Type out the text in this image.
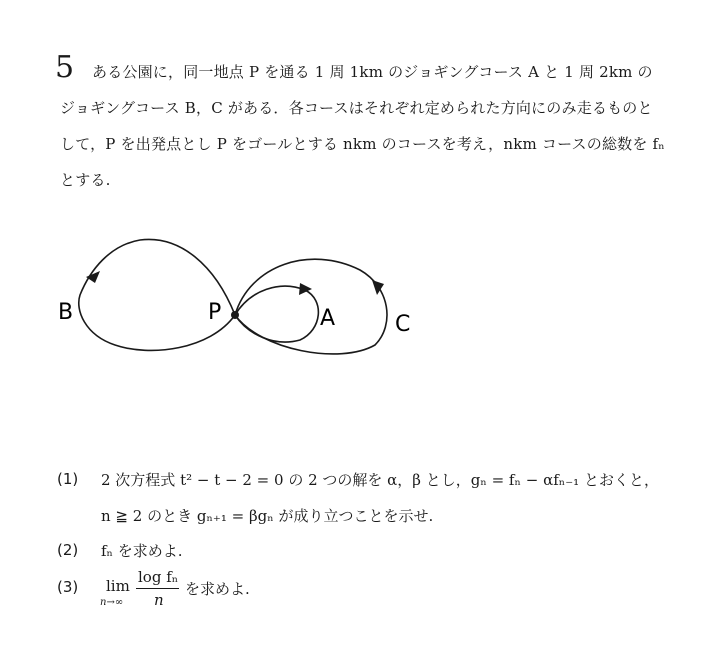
5 ある公園に，同一地点 P を通る 1 周 1km のジョギングコース A と 1 周 2km の
ジョギングコース B，C がある．各コースはそれぞれ定められた方向にのみ走るものと
して，P を出発点とし P をゴールとする nkm のコースを考え，nkm コースの総数を fₙ
とする.
B	P	A	C
(1) 2 次方程式 t² − t − 2 = 0 の 2 つの解を α，β とし，gₙ = fₙ − αfₙ₋₁ とおくと，
n ≧ 2 のとき gₙ₊₁ = βgₙ が成り立つことを示せ.
(2) fₙ を求めよ.
(3) lim
n→∞
log fₙ
n
を求めよ.
